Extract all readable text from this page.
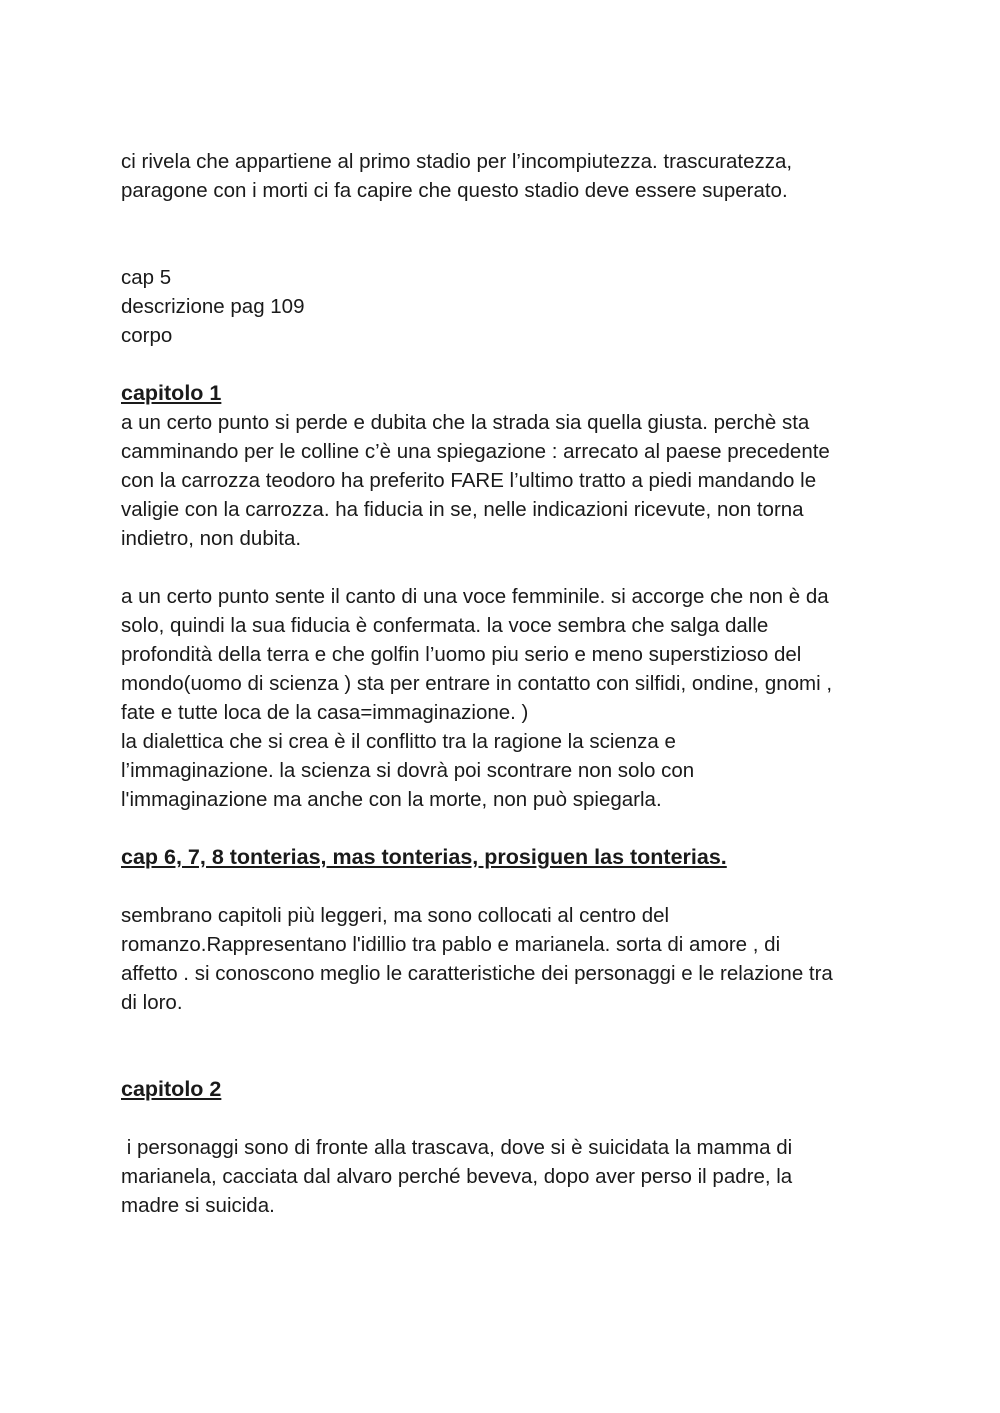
ci rivela che appartiene al primo stadio per l’incompiutezza. trascuratezza,

paragone con i morti ci fa capire che questo stadio deve essere superato.

cap 5

descrizione pag 109

corpo

capitolo 1

a un certo punto si perde e dubita che la strada sia quella giusta. perchè sta

camminando per le colline c’è una spiegazione : arrecato al paese precedente

con la carrozza teodoro ha preferito FARE l’ultimo tratto a piedi mandando le

valigie con la carrozza. ha fiducia in se, nelle indicazioni ricevute, non torna

indietro, non dubita.

a un certo punto sente il canto di una voce femminile. si accorge che non è da

solo, quindi la sua fiducia è confermata. la voce sembra che salga dalle

profondità della terra e che golfin l’uomo piu serio e meno superstizioso del

mondo(uomo di scienza ) sta per entrare in contatto con silfidi, ondine, gnomi ,

fate e tutte loca de la casa=immaginazione. )

la dialettica che si crea è il conflitto tra la ragione la scienza e

l’immaginazione. la scienza si dovrà poi scontrare non solo con

l'immaginazione ma anche con la morte, non può spiegarla.

cap 6, 7, 8 tonterias, mas tonterias, prosiguen las tonterias.

sembrano capitoli più leggeri, ma sono collocati al centro del

romanzo.Rappresentano l'idillio tra pablo e marianela. sorta di amore , di

affetto . si conoscono meglio le caratteristiche dei personaggi e le relazione tra

di loro.

capitolo 2

i personaggi sono di fronte alla trascava, dove si è suicidata la mamma di

marianela, cacciata dal alvaro perché beveva, dopo aver perso il padre, la

madre si suicida.
